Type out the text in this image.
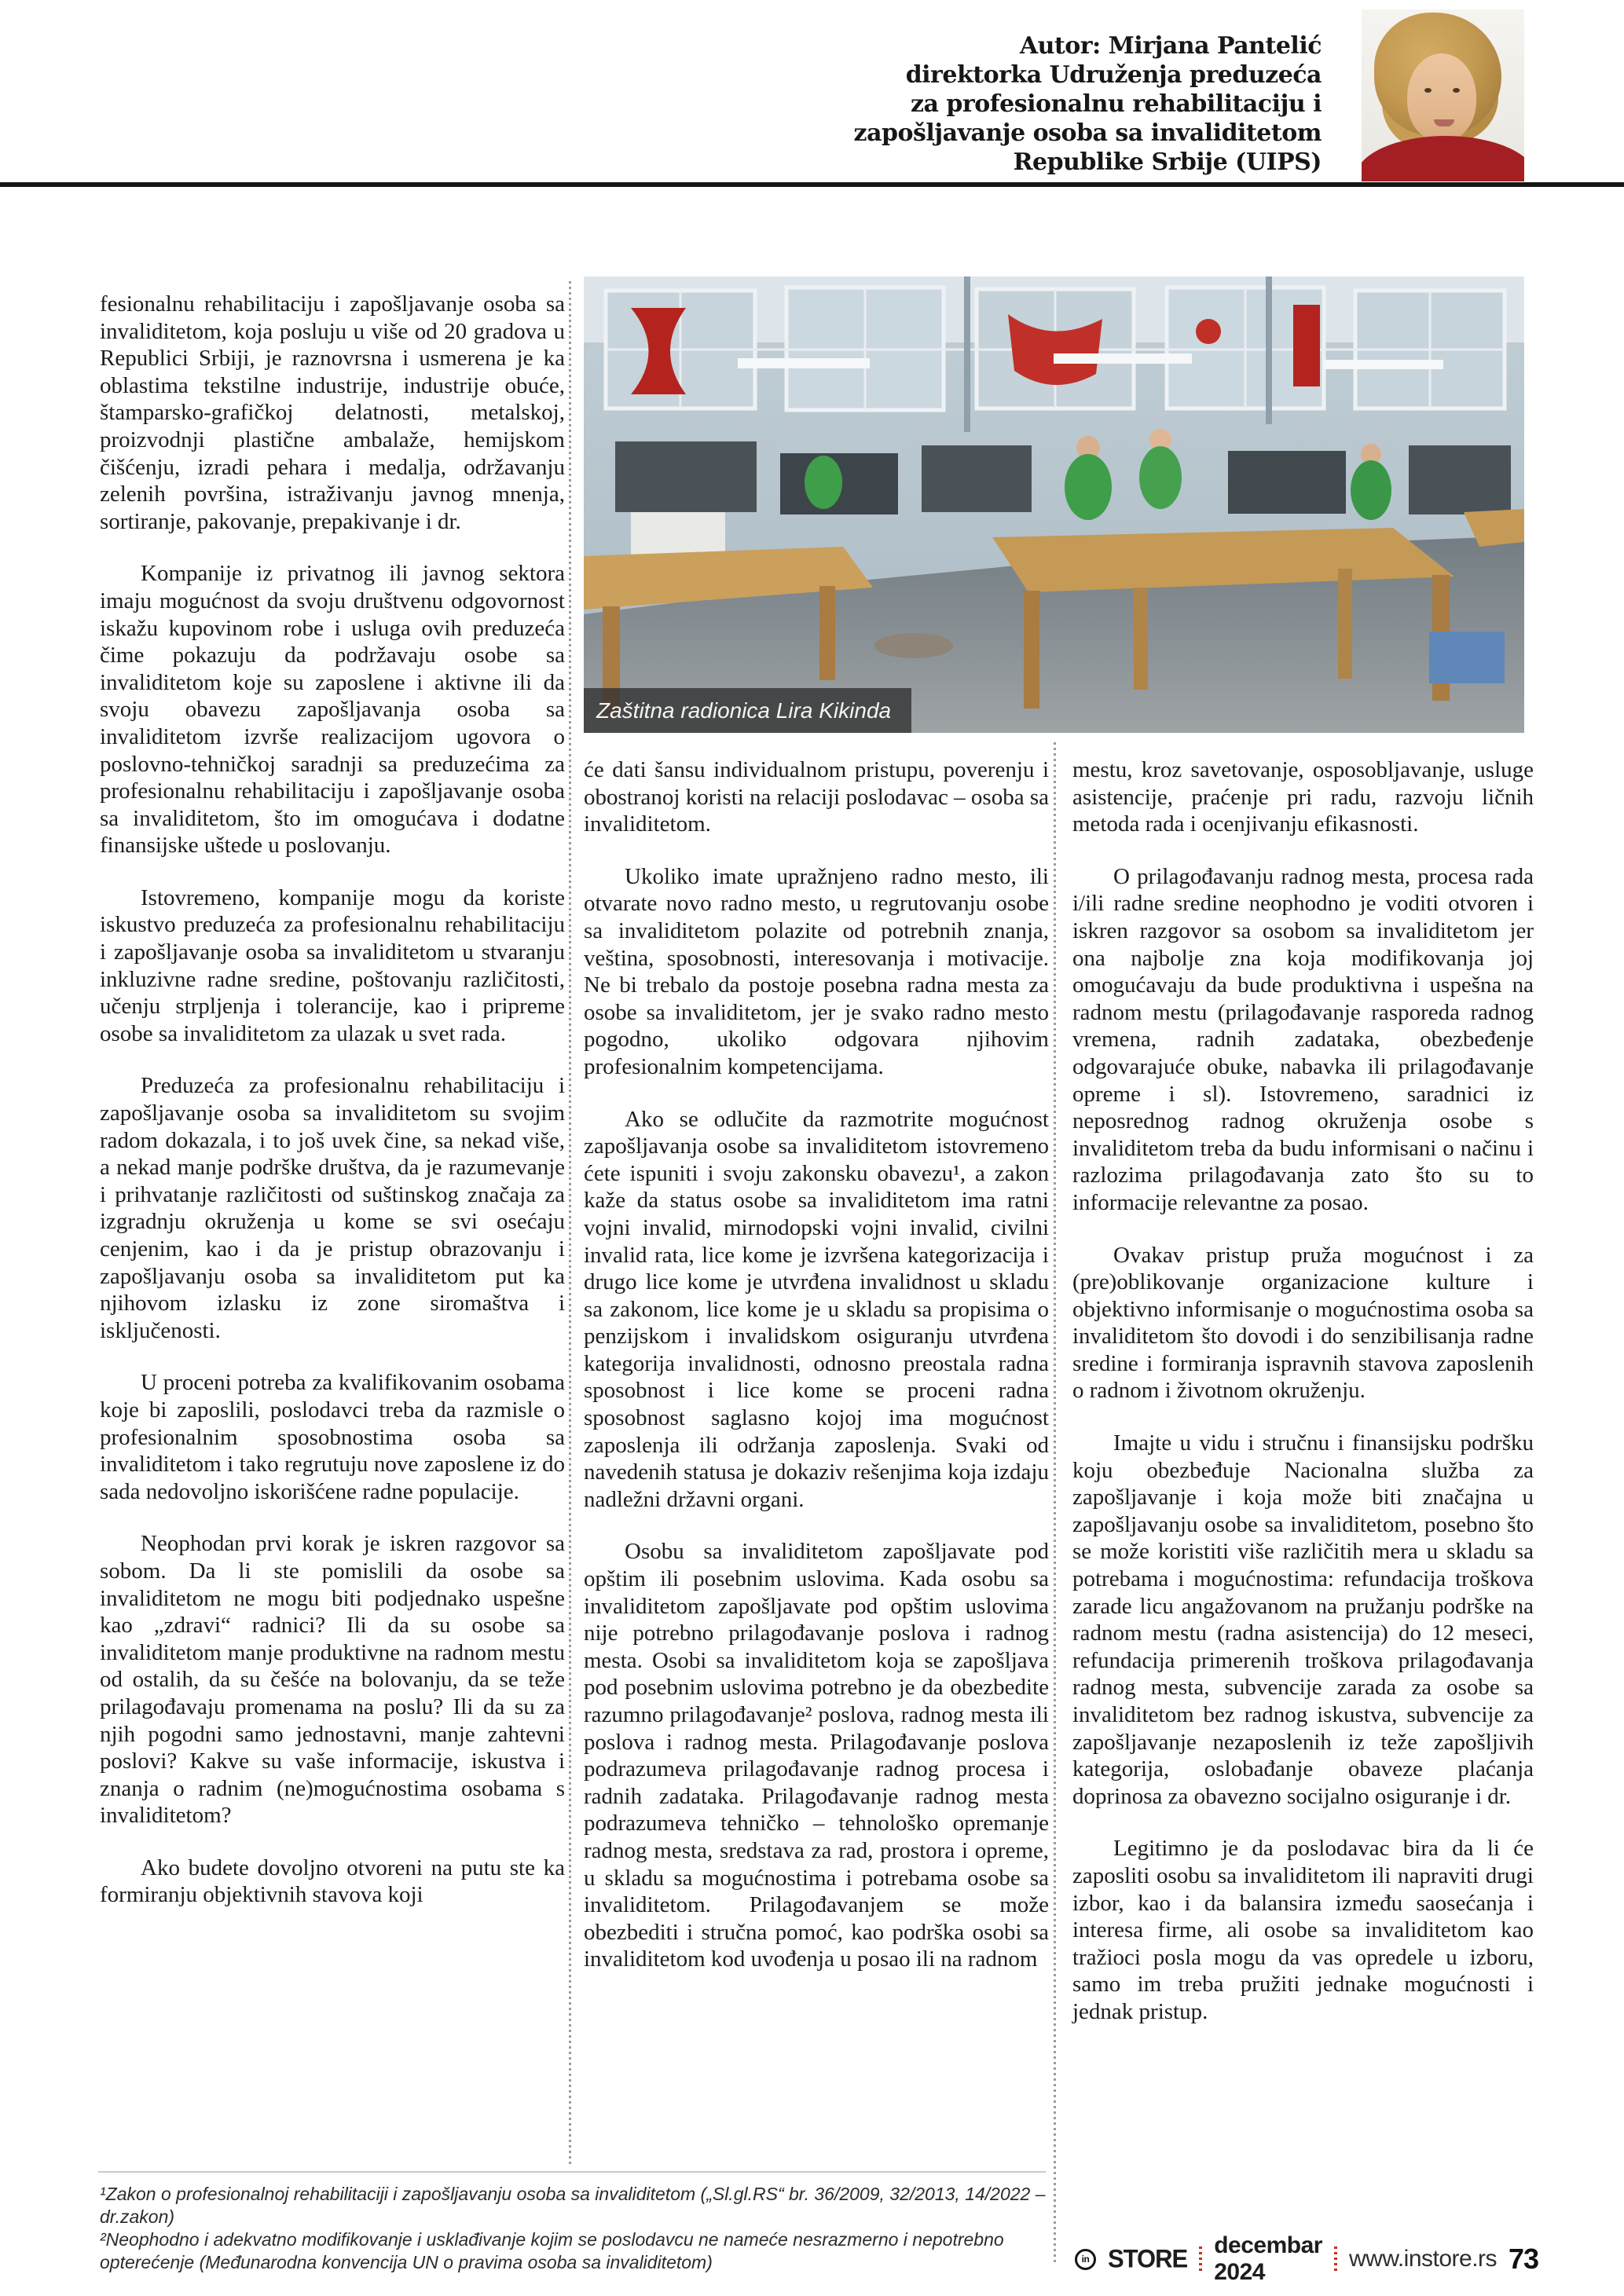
Autor: Mirjana Pantelić
direktorka Udruženja preduzeća
za profesionalnu rehabilitaciju i
zapošljavanje osoba sa invaliditetom
Republike Srbije (UIPS)
Zaštitna radionica Lira Kikinda

fesionalnu rehabilitaciju i zapošljavanje osoba sa invaliditetom, koja posluju u više od 20 gradova u Republici Srbiji, je raznovrsna i usmerena je ka oblastima tekstilne industrije, industrije obuće, štamparsko-grafičkoj delatnosti, metalskoj, proizvodnji plastične ambalaže, hemijskom čišćenju, izradi pehara i medalja, održavanju zelenih površina, istraživanju javnog mnenja, sortiranje, pakovanje, prepakivanje i dr.

Kompanije iz privatnog ili javnog sektora imaju mogućnost da svoju društvenu odgovornost iskažu kupovinom robe i usluga ovih preduzeća čime pokazuju da podržavaju osobe sa invaliditetom koje su zaposlene i aktivne ili da svoju obavezu zapošljavanja osoba sa invaliditetom izvrše realizacijom ugovora o poslovno-tehničkoj saradnji sa preduzećima za profesionalnu rehabilitaciju i zapošljavanje osoba sa invaliditetom, što im omogućava i dodatne finansijske uštede u poslovanju.

Istovremeno, kompanije mogu da koriste iskustvo preduzeća za profesionalnu rehabilitaciju i zapošljavanje osoba sa invaliditetom u stvaranju inkluzivne radne sredine, poštovanju različitosti, učenju strpljenja i tolerancije, kao i pripreme osobe sa invaliditetom za ulazak u svet rada.

Preduzeća za profesionalnu rehabilitaciju i zapošljavanje osoba sa invaliditetom su svojim radom dokazala, i to još uvek čine, sa nekad više, a nekad manje podrške društva, da je razumevanje i prihvatanje različitosti od suštinskog značaja za izgradnju okruženja u kome se svi osećaju cenjenim, kao i da je pristup obrazovanju i zapošljavanju osoba sa invaliditetom put ka njihovom izlasku iz zone siromaštva i isključenosti.

U proceni potreba za kvalifikovanim osobama koje bi zaposlili, poslodavci treba da razmisle o profesionalnim sposobnostima osoba sa invaliditetom i tako regrutuju nove zaposlene iz do sada nedovoljno iskorišćene radne populacije.

Neophodan prvi korak je iskren razgovor sa sobom. Da li ste pomislili da osobe sa invaliditetom ne mogu biti podjednako uspešne kao „zdravi“ radnici? Ili da su osobe sa invaliditetom manje produktivne na radnom mestu od ostalih, da su češće na bolovanju, da se teže prilagođavaju promenama na poslu? Ili da su za njih pogodni samo jednostavni, manje zahtevni poslovi? Kakve su vaše informacije, iskustva i znanja o radnim (ne)mogućnostima osobama s invaliditetom?

Ako budete dovoljno otvoreni na putu ste ka formiranju objektivnih stavova koji

će dati šansu individualnom pristupu, poverenju i obostranoj koristi na relaciji poslodavac – osoba sa invaliditetom.

Ukoliko imate upražnjeno radno mesto, ili otvarate novo radno mesto, u regrutovanju osobe sa invaliditetom polazite od potrebnih znanja, veština, sposobnosti, interesovanja i motivacije. Ne bi trebalo da postoje posebna radna mesta za osobe sa invaliditetom, jer je svako radno mesto pogodno, ukoliko odgovara njihovim profesionalnim kompetencijama.

Ako se odlučite da razmotrite mogućnost zapošljavanja osobe sa invaliditetom istovremeno ćete ispuniti i svoju zakonsku obavezu¹, a zakon kaže da status osobe sa invaliditetom ima ratni vojni invalid, mirnodopski vojni invalid, civilni invalid rata, lice kome je izvršena kategorizacija i drugo lice kome je utvrđena invalidnost u skladu sa zakonom, lice kome je u skladu sa propisima o penzijskom i invalidskom osiguranju utvrđena kategorija invalidnosti, odnosno preostala radna sposobnost i lice kome se proceni radna sposobnost saglasno kojoj ima mogućnost zaposlenja ili održanja zaposlenja. Svaki od navedenih statusa je dokaziv rešenjima koja izdaju nadležni državni organi.

Osobu sa invaliditetom zapošljavate pod opštim ili posebnim uslovima. Kada osobu sa invaliditetom zapošljavate pod opštim uslovima nije potrebno prilagođavanje poslova i radnog mesta. Osobi sa invaliditetom koja se zapošljava pod posebnim uslovima potrebno je da obezbedite razumno prilagođavanje² poslova, radnog mesta ili poslova i radnog mesta. Prilagođavanje poslova podrazumeva prilagođavanje radnog procesa i radnih zadataka. Prilagođavanje radnog mesta podrazumeva tehničko – tehnološko opremanje radnog mesta, sredstava za rad, prostora i opreme, u skladu sa mogućnostima i potrebama osobe sa invaliditetom. Prilagođavanjem se može obezbediti i stručna pomoć, kao podrška osobi sa invaliditetom kod uvođenja u posao ili na radnom

mestu, kroz savetovanje, osposobljavanje, usluge asistencije, praćenje pri radu, razvoju ličnih metoda rada i ocenjivanju efikasnosti.

O prilagođavanju radnog mesta, procesa rada i/ili radne sredine neophodno je voditi otvoren i iskren razgovor sa osobom sa invaliditetom jer ona najbolje zna koja modifikovanja joj omogućavaju da bude produktivna i uspešna na radnom mestu (prilagođavanje rasporeda radnog vremena, radnih zadataka, obezbeđenje odgovarajuće obuke, nabavka ili prilagođavanje opreme i sl). Istovremeno, saradnici iz neposrednog radnog okruženja osobe s invaliditetom treba da budu informisani o načinu i razlozima prilagođavanja zato što su to informacije relevantne za posao.

Ovakav pristup pruža mogućnost i za (pre)oblikovanje organizacione kulture i objektivno informisanje o mogućnostima osoba sa invaliditetom što dovodi i do senzibilisanja radne sredine i formiranja ispravnih stavova zaposlenih o radnom i životnom okruženju.

Imajte u vidu i stručnu i finansijsku podršku koju obezbeđuje Nacionalna služba za zapošljavanje i koja može biti značajna u zapošljavanju osobe sa invaliditetom, posebno što se može koristiti više različitih mera u skladu sa potrebama i mogućnostima: refundacija troškova zarade licu angažovanom na pružanju podrške na radnom mestu (radna asistencija) do 12 meseci, refundacija primerenih troškova prilagođavanja radnog mesta, subvencije zarada za osobe sa invaliditetom bez radnog iskustva, subvencije za zapošljavanje nezaposlenih iz teže zapošljivih kategorija, oslobađanje obaveze plaćanja doprinosa za obavezno socijalno osiguranje i dr.

Legitimno je da poslodavac bira da li će zaposliti osobu sa invaliditetom ili napraviti drugi izbor, kao i da balansira između saosećanja i interesa firme, ali osobe sa invaliditetom kao tražioci posla mogu da vas opredele u izboru, samo im treba pružiti jednake mogućnosti i jednak pristup.

¹Zakon o profesionalnoj rehabilitaciji i zapošljavanju osoba sa invaliditetom („Sl.gl.RS“ br. 36/2009, 32/2013, 14/2022 – dr.zakon)

²Neophodno i adekvatno modifikovanje i usklađivanje kojim se poslodavcu ne nameće nesrazmerno i nepotrebno opterećenje (Međunarodna konvencija UN o pravima osoba sa invaliditetom)	in STORE decembar 2024
www.instore.rs 73
